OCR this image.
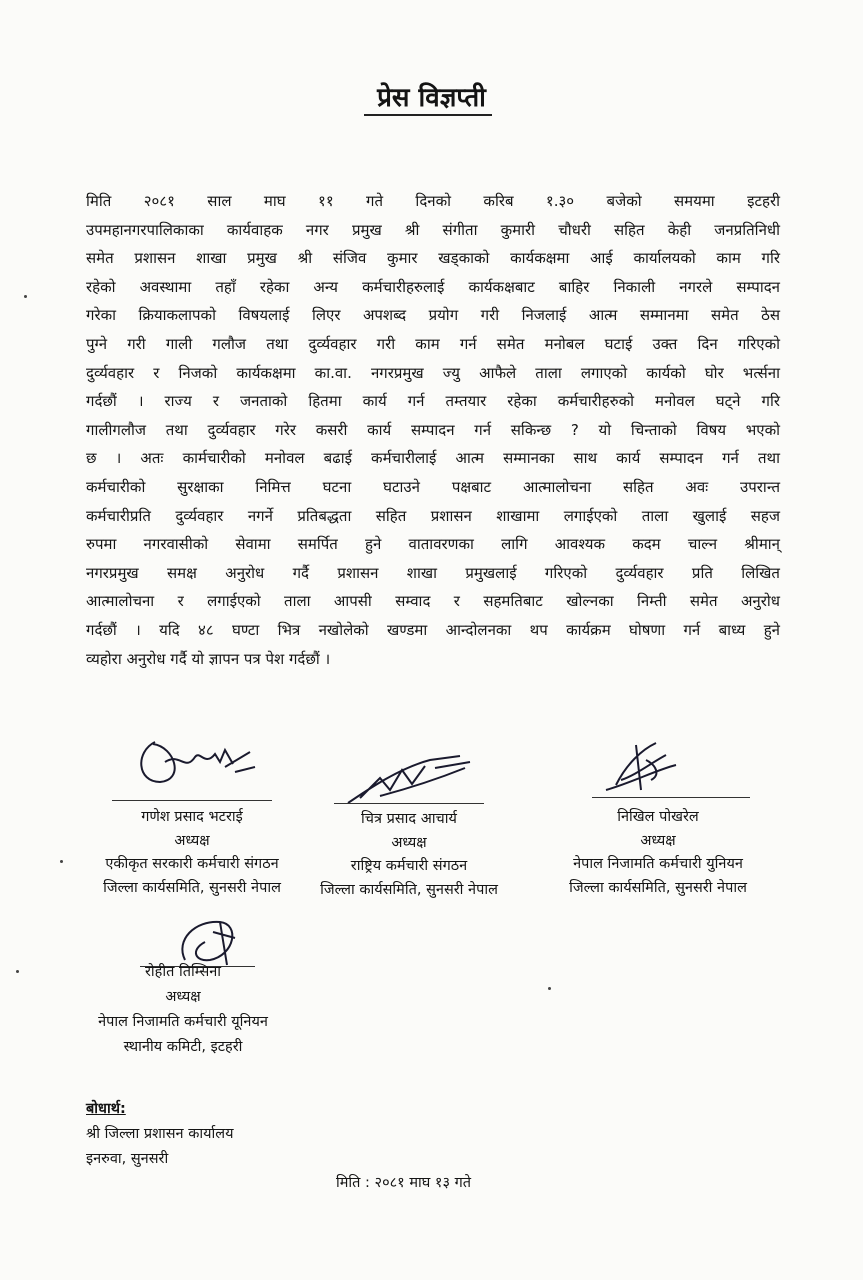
प्रेस विज्ञप्ती
मिति २०८१ साल माघ ११ गते दिनको करिब १.३० बजेको समयमा इटहरी
उपमहानगरपालिकाका कार्यवाहक नगर प्रमुख श्री संगीता कुमारी चौधरी सहित केही जनप्रतिनिधी
समेत प्रशासन शाखा प्रमुख श्री संजिव कुमार खड्काको कार्यकक्षमा आई कार्यालयको काम गरि
रहेको अवस्थामा तहाँ रहेका अन्य कर्मचारीहरुलाई कार्यकक्षबाट बाहिर निकाली नगरले सम्पादन
गरेका क्रियाकलापको विषयलाई लिएर अपशब्द प्रयोग गरी निजलाई आत्म सम्मानमा समेत ठेस
पुग्ने गरी गाली गलौज तथा दुर्व्यवहार गरी काम गर्न समेत मनोबल घटाई उक्त दिन गरिएको
दुर्व्यवहार र निजको कार्यकक्षमा का.वा. नगरप्रमुख ज्यु आफैले ताला लगाएको कार्यको घोर भर्त्सना
गर्दछौं । राज्य र जनताको हितमा कार्य गर्न तम्तयार रहेका कर्मचारीहरुको मनोवल घट्ने गरि
गालीगलौज तथा दुर्व्यवहार गरेर कसरी कार्य सम्पादन गर्न सकिन्छ ? यो चिन्ताको विषय भएको
छ । अतः कार्मचारीको मनोवल बढाई कर्मचारीलाई आत्म सम्मानका साथ कार्य सम्पादन गर्न तथा
कर्मचारीको सुरक्षाका निमित्त घटना घटाउने पक्षबाट आत्मालोचना सहित अवः उपरान्त
कर्मचारीप्रति दुर्व्यवहार नगर्ने प्रतिबद्धता सहित प्रशासन शाखामा लगाईएको ताला खुलाई सहज
रुपमा नगरवासीको सेवामा समर्पित हुने वातावरणका लागि आवश्यक कदम चाल्न श्रीमान्
नगरप्रमुख समक्ष अनुरोध गर्दै प्रशासन शाखा प्रमुखलाई गरिएको दुर्व्यवहार प्रति लिखित
आत्मालोचना र लगाईएको ताला आपसी सम्वाद र सहमतिबाट खोल्नका निम्ती समेत अनुरोध
गर्दछौं । यदि ४८ घण्टा भित्र नखोलेको खण्डमा आन्दोलनका थप कार्यक्रम घोषणा गर्न बाध्य हुने
व्यहोरा अनुरोध गर्दै यो ज्ञापन पत्र पेश गर्दछौं ।
गणेश प्रसाद भटराई
अध्यक्ष
एकीकृत सरकारी कर्मचारी संगठन
जिल्ला कार्यसमिति, सुनसरी नेपाल
चित्र प्रसाद आचार्य
अध्यक्ष
राष्ट्रिय कर्मचारी संगठन
जिल्ला कार्यसमिति, सुनसरी नेपाल
निखिल पोखरेल
अध्यक्ष
नेपाल निजामति कर्मचारी युनियन
जिल्ला कार्यसमिति, सुनसरी नेपाल
रोहीत तिम्सिना
अध्यक्ष
नेपाल निजामति कर्मचारी यूनियन
स्थानीय कमिटी, इटहरी
बोधार्थ:
श्री जिल्ला प्रशासन कार्यालय
इनरुवा, सुनसरी
मिति : २०८१ माघ १३ गते
